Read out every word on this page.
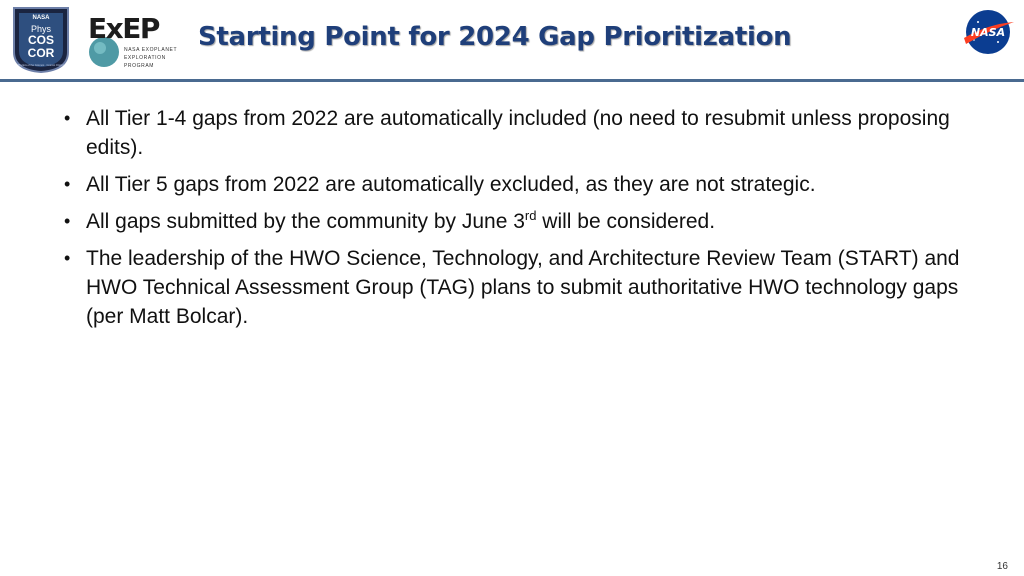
NASA
Phys
COS
COR
Physics of the Cosmos · Cosmic Origins
ExEP
NASA EXOPLANET
EXPLORATION
PROGRAM
Starting Point for 2024 Gap Prioritization	NASA
• All Tier 1-4 gaps from 2022 are automatically included (no need to resubmit unless proposing edits).
• All Tier 5 gaps from 2022 are automatically excluded, as they are not strategic.
• All gaps submitted by the community by June 3rd will be considered.
• The leadership of the HWO Science, Technology, and Architecture Review Team (START) and HWO Technical Assessment Group (TAG) plans to submit authoritative HWO technology gaps (per Matt Bolcar).
16
